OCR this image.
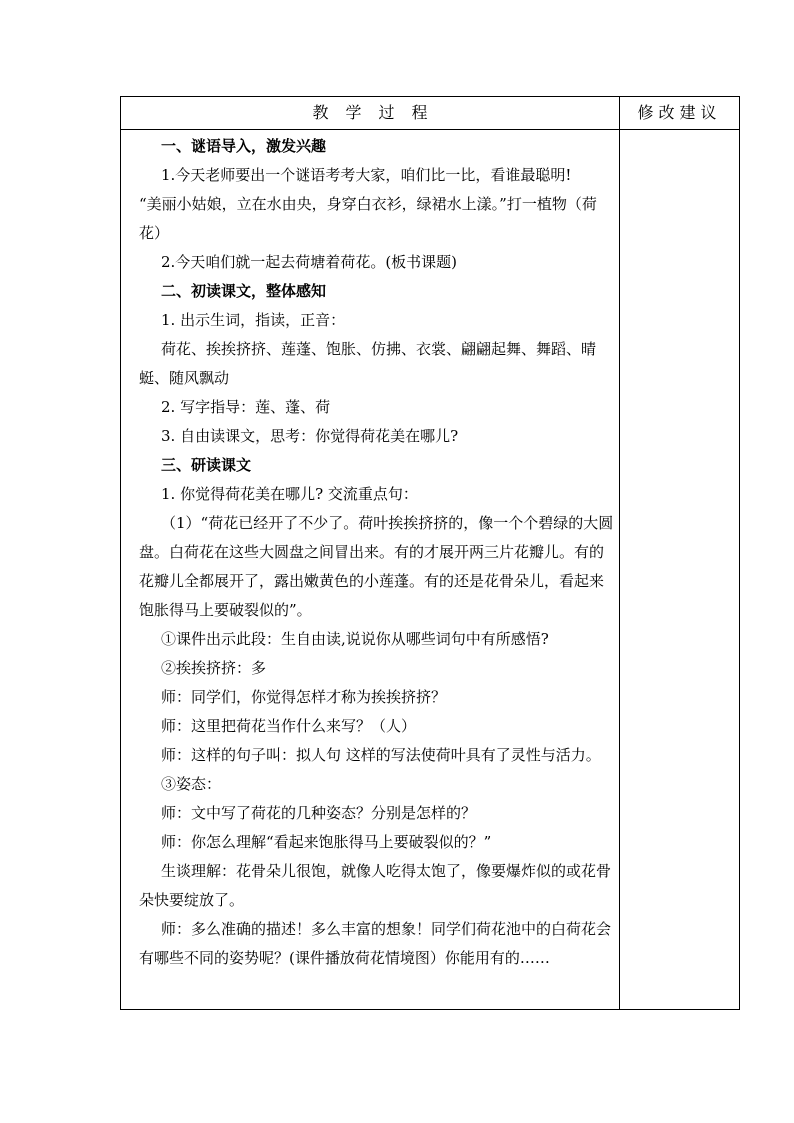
教学过程	修改建议

一、谜语导入，激发兴趣

1.今天老师要出一个谜语考考大家，咱们比一比，看谁最聪明!

“美丽小姑娘，立在水由央，身穿白衣衫，绿裙水上漾。”打一植物（荷花）

2.今天咱们就一起去荷塘着荷花。(板书课题)

二、初读课文，整体感知

1. 出示生词，指读，正音：

荷花、挨挨挤挤、莲蓬、饱胀、仿拂、衣裳、翩翩起舞、舞蹈、晴蜓、随风飘动

2. 写字指导：莲、蓬、荷

3. 自由读课文，思考：你觉得荷花美在哪儿?

三、研读课文

1. 你觉得荷花美在哪儿? 交流重点句：

（1）“荷花已经开了不少了。荷叶挨挨挤挤的，像一个个碧绿的大圆盘。白荷花在这些大圆盘之间冒出来。有的才展开两三片花瓣儿。有的花瓣儿全都展开了，露出嫩黄色的小莲蓬。有的还是花骨朵儿，看起来饱胀得马上要破裂似的”。

①课件出示此段：生自由读,说说你从哪些词句中有所感悟?

②挨挨挤挤：多

师：同学们，你觉得怎样才称为挨挨挤挤？

师：这里把荷花当作什么来写？（人）

师：这样的句子叫：拟人句 这样的写法使荷叶具有了灵性与活力。

③姿态：

师：文中写了荷花的几种姿态？分别是怎样的？

师：你怎么理解“看起来饱胀得马上要破裂似的？”

生谈理解：花骨朵儿很饱，就像人吃得太饱了，像要爆炸似的或花骨朵快要绽放了。

师：多么准确的描述！多么丰富的想象！同学们荷花池中的白荷花会有哪些不同的姿势呢？(课件播放荷花情境图）你能用有的……
